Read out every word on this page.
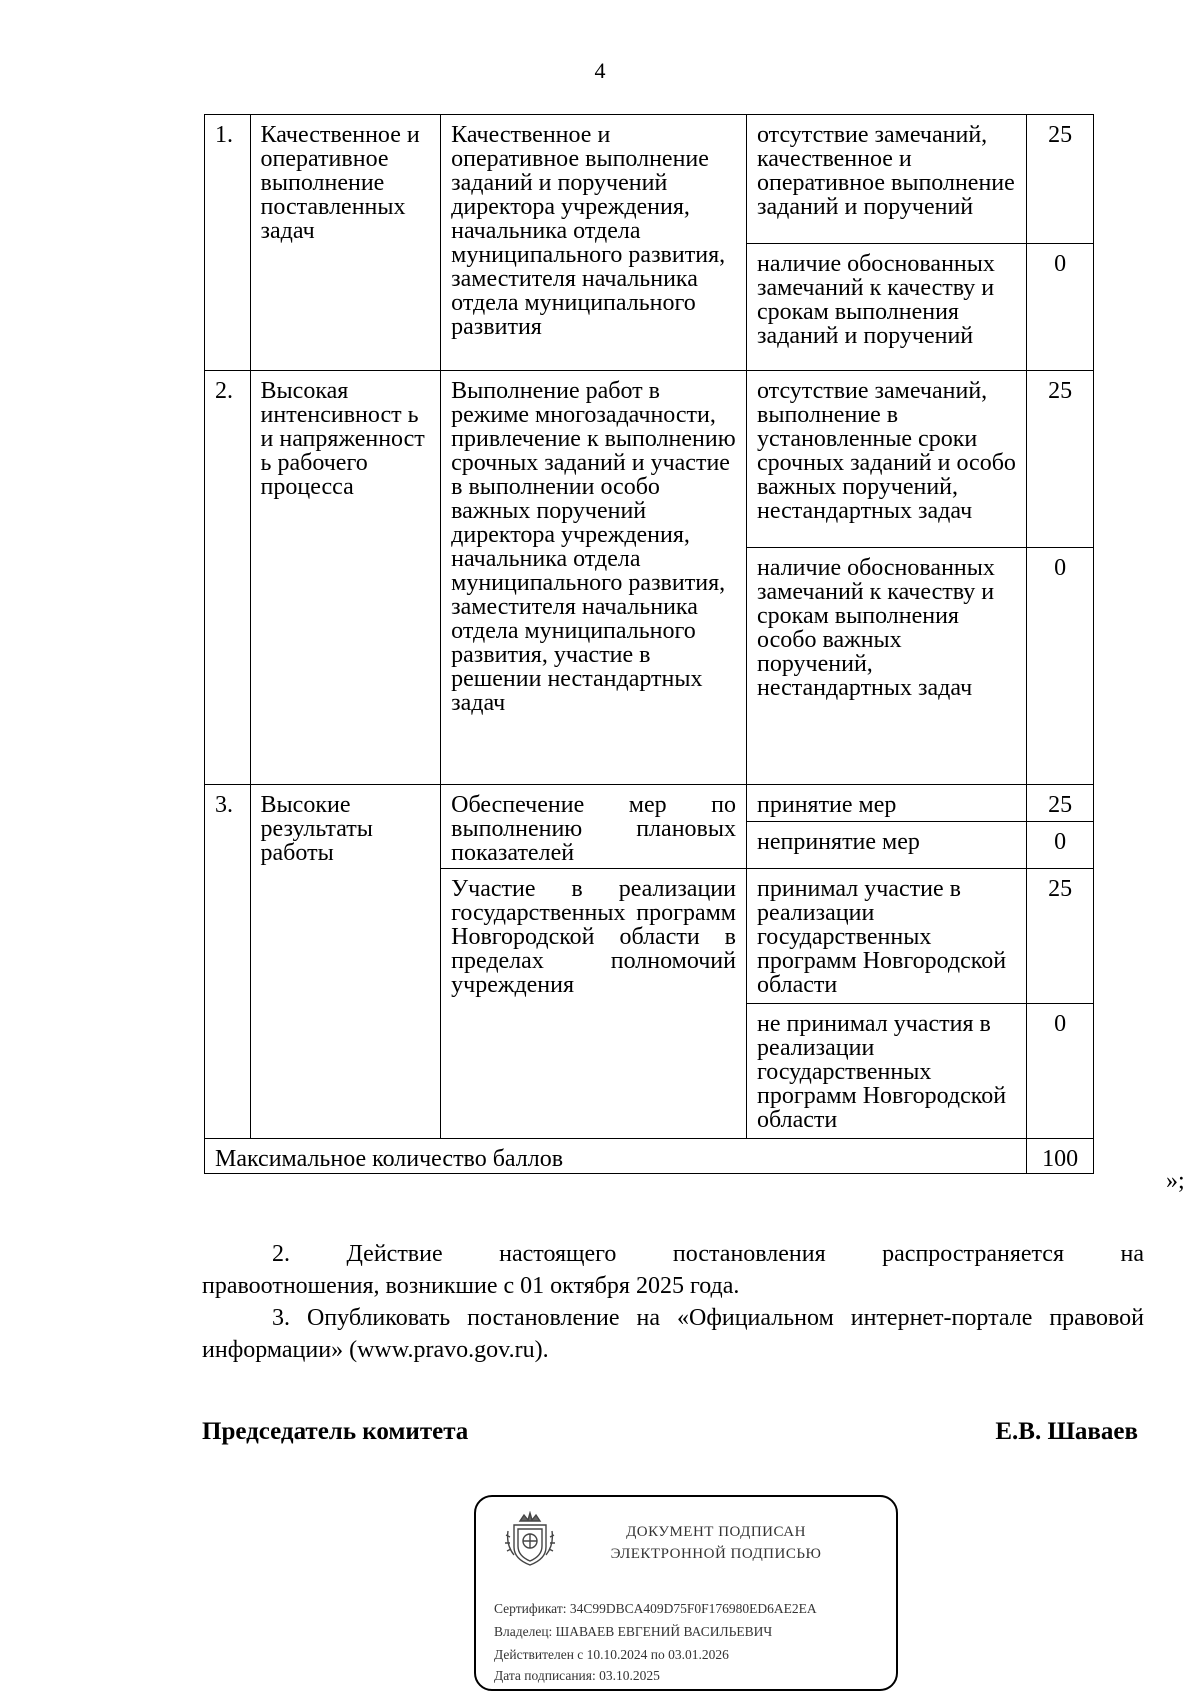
4
1.	Качественное и оперативное выполнение поставленных задач	Качественное и оперативное выполнение заданий и поручений директора учреждения, начальника отдела муниципального развития, заместителя начальника отдела муниципального развития	отсутствие замечаний, качественное и оперативное выполнение заданий и поручений	25
			наличие обоснованных замечаний к качеству и срокам выполнения заданий и поручений	0
2.	Высокая интенсивност ь и напряженност ь рабочего процесса	Выполнение работ в режиме многозадачности, привлечение к выполнению срочных заданий и участие в выполнении особо важных поручений директора учреждения, начальника отдела муниципального развития, заместителя начальника отдела муниципального развития, участие в решении нестандартных задач	отсутствие замечаний, выполнение в установленные сроки срочных заданий и особо важных поручений, нестандартных задач	25
			наличие обоснованных замечаний к качеству и срокам выполнения особо важных поручений, нестандартных задач	0
3.	Высокие результаты работы	Обеспечение мер по выполнению плановых показателей	принятие мер	25
			непринятие мер	0
		Участие в реализации государственных программ Новгородской области в пределах полномочий учреждения	принимал участие в реализации государственных программ Новгородской области	25
			не принимал участия в реализации государственных программ Новгородской области	0
Максимальное количество баллов				100
»;
2. Действие настоящего постановления распространяется на
правоотношения, возникшие с 01 октября 2025 года.
3. Опубликовать постановление на «Официальном интернет-портале правовой информации» (www.pravo.gov.ru).
Председатель комитета	Е.В. Шаваев
ДОКУМЕНТ ПОДПИСАН
ЭЛЕКТРОННОЙ ПОДПИСЬЮ
Сертификат: 34C99DBCA409D75F0F176980ED6AE2EA
Владелец: ШАВАЕВ ЕВГЕНИЙ ВАСИЛЬЕВИЧ
Действителен с 10.10.2024 по 03.01.2026
Дата подписания: 03.10.2025
